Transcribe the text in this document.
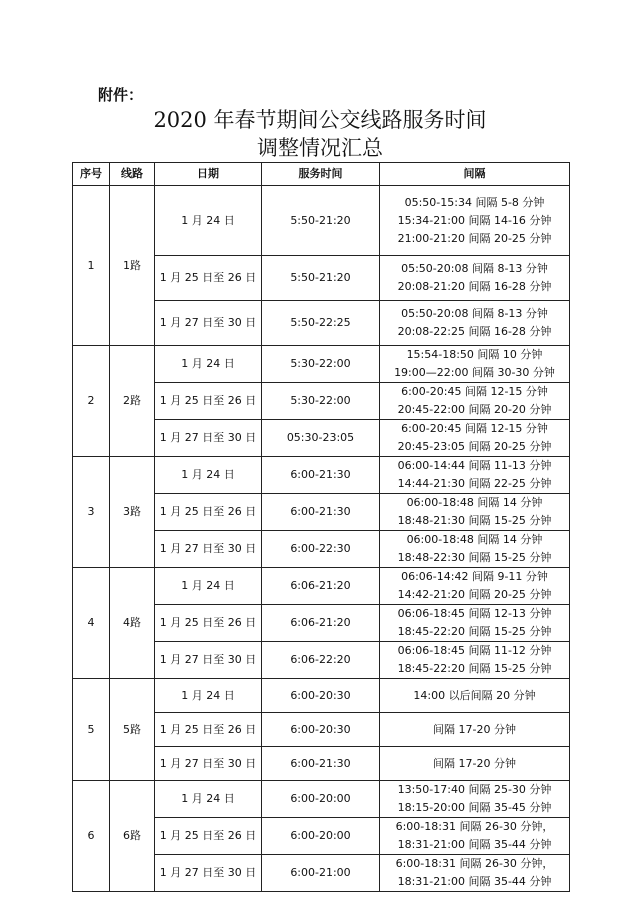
附件：
2020 年春节期间公交线路服务时间
调整情况汇总
序号	线路	日期	服务时间	间隔
1	1路	1 月 24 日	5:50-21:20	05:50-15:34 间隔 5-8 分钟
15:34-21:00 间隔 14-16 分钟
21:00-21:20 间隔 20-25 分钟

		1 月 25 日至 26 日	5:50-21:20	05:50-20:08 间隔 8-13 分钟
20:08-21:20 间隔 16-28 分钟

		1 月 27 日至 30 日	5:50-22:25	05:50-20:08 间隔 8-13 分钟
20:08-22:25 间隔 16-28 分钟

2	2路	1 月 24 日	5:30-22:00	15:54-18:50 间隔 10 分钟
19:00—22:00 间隔 30-30 分钟

		1 月 25 日至 26 日	5:30-22:00	6:00-20:45 间隔 12-15 分钟
20:45-22:00 间隔 20-20 分钟

		1 月 27 日至 30 日	05:30-23:05	6:00-20:45 间隔 12-15 分钟
20:45-23:05 间隔 20-25 分钟

3	3路	1 月 24 日	6:00-21:30	06:00-14:44 间隔 11-13 分钟
14:44-21:30 间隔 22-25 分钟

		1 月 25 日至 26 日	6:00-21:30	06:00-18:48 间隔 14 分钟
18:48-21:30 间隔 15-25 分钟

		1 月 27 日至 30 日	6:00-22:30	06:00-18:48 间隔 14 分钟
18:48-22:30 间隔 15-25 分钟

4	4路	1 月 24 日	6:06-21:20	06:06-14:42 间隔 9-11 分钟
14:42-21:20 间隔 20-25 分钟

		1 月 25 日至 26 日	6:06-21:20	06:06-18:45 间隔 12-13 分钟
18:45-22:20 间隔 15-25 分钟

		1 月 27 日至 30 日	6:06-22:20	06:06-18:45 间隔 11-12 分钟
18:45-22:20 间隔 15-25 分钟

5	5路	1 月 24 日	6:00-20:30	14:00 以后间隔 20 分钟

		1 月 25 日至 26 日	6:00-20:30	间隔 17-20 分钟

		1 月 27 日至 30 日	6:00-21:30	间隔 17-20 分钟

6	6路	1 月 24 日	6:00-20:00	13:50-17:40 间隔 25-30 分钟
18:15-20:00 间隔 35-45 分钟

		1 月 25 日至 26 日	6:00-20:00	6:00-18:31 间隔 26-30 分钟，
18:31-21:00 间隔 35-44 分钟

		1 月 27 日至 30 日	6:00-21:00	6:00-18:31 间隔 26-30 分钟，
18:31-21:00 间隔 35-44 分钟
